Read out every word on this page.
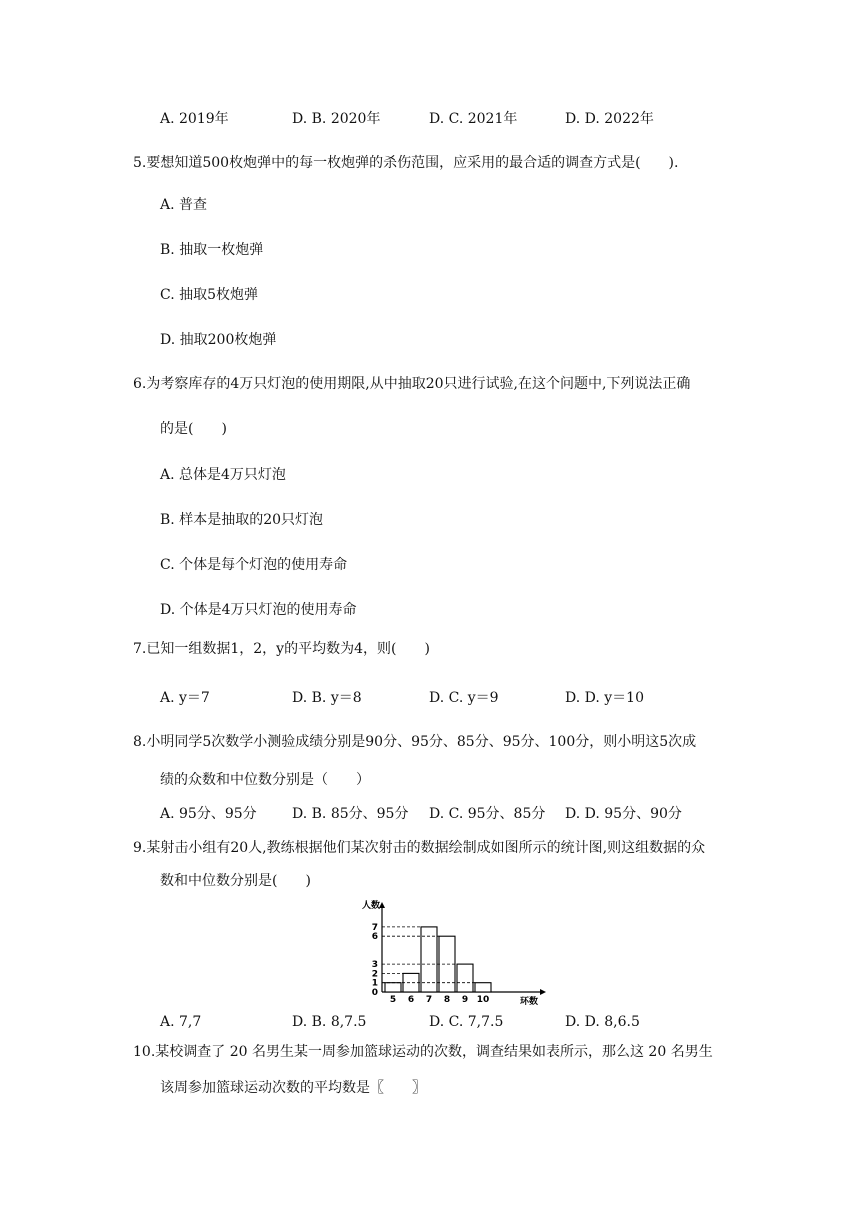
A. 2019年	D. B. 2020年	D. C. 2021年	D. D. 2022年
5.要想知道500枚炮弹中的每一枚炮弹的杀伤范围，应采用的最合适的调查方式是(　　).
A. 普查
B. 抽取一枚炮弹
C. 抽取5枚炮弹
D. 抽取200枚炮弹
6.为考察库存的4万只灯泡的使用期限,从中抽取20只进行试验,在这个问题中,下列说法正确
的是(　　)
A. 总体是4万只灯泡
B. 样本是抽取的20只灯泡
C. 个体是每个灯泡的使用寿命
D. 个体是4万只灯泡的使用寿命
7.已知一组数据1，2，y的平均数为4，则(　　)
A. y＝7	D. B. y＝8	D. C. y＝9	D. D. y＝10
8.小明同学5次数学小测验成绩分别是90分、95分、85分、95分、100分，则小明这5次成
绩的众数和中位数分别是（　　）
A. 95分、95分	D. B. 85分、95分 D. C. 95分、85分 D. D. 95分、90分
9.某射击小组有20人,教练根据他们某次射击的数据绘制成如图所示的统计图,则这组数据的众
数和中位数分别是(　　)
人数
环数
0
1
2
3
6
7
5 6 7 8 9 10
A. 7,7	D. B. 8,7.5	D. C. 7,7.5	D. D. 8,6.5
10.某校调查了 20 名男生某一周参加篮球运动的次数，调查结果如表所示，那么这 20 名男生
该周参加篮球运动次数的平均数是〖　　〗
